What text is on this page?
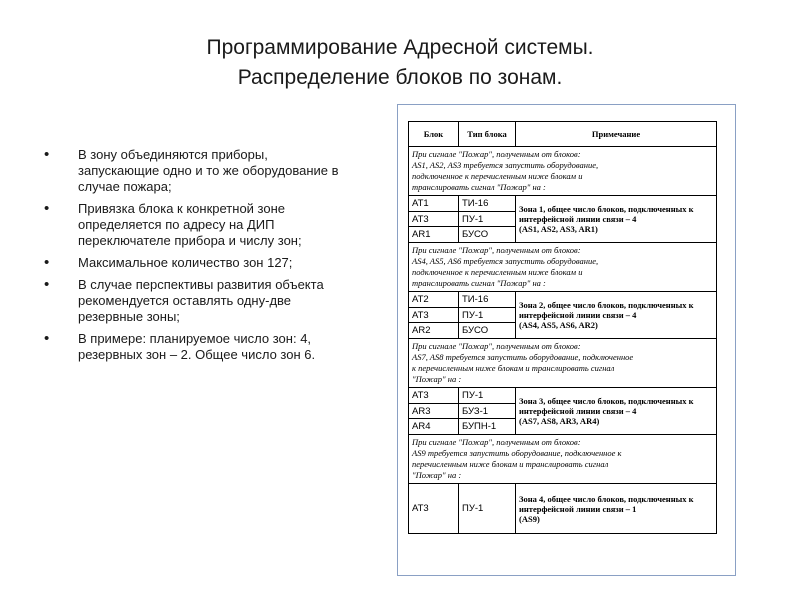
Программирование Адресной системы.
Распределение блоков по зонам.
• В зону объединяются приборы, запускающие одно и то же оборудование в случае пожара;
• Привязка блока к конкретной зоне определяется по адресу на ДИП переключателе прибора и числу зон;
• Максимальное количество зон 127;
• В случае перспективы развития объекта рекомендуется оставлять одну-две резервные зоны;
• В примере: планируемое число зон: 4, резервных зон – 2. Общее число зон 6.
Блок	Тип блока	Примечание

При сигнале "Пожар", полученным от блоков:
AS1, AS2, AS3 требуется запустить оборудование,
подключенное к перечисленным ниже блокам и
транслировать сигнал "Пожар" на :		

АТ1	ТИ-16	Зона 1, общее число блоков, подключенных к интерфейсной линии связи – 4
(AS1, AS2, AS3, AR1)

АТ3	ПУ-1	
AR1	БУСО	

При сигнале "Пожар", полученным от блоков:
AS4, AS5, AS6 требуется запустить оборудование,
подключенное к перечисленным ниже блокам и
транслировать сигнал "Пожар" на :		

АТ2	ТИ-16	Зона 2, общее число блоков, подключенных к интерфейсной линии связи – 4
(AS4, AS5, AS6, AR2)

АТ3	ПУ-1	
AR2	БУСО	

При сигнале "Пожар", полученным от блоков:
AS7, AS8 требуется запустить оборудование, подключенное
к перечисленным ниже блокам и транслировать сигнал
"Пожар" на :		

АТ3	ПУ-1	Зона 3, общее число блоков, подключенных к интерфейсной линии связи – 4
(AS7, AS8, AR3, AR4)

AR3	БУЗ-1	
AR4	БУПН-1	

При сигнале "Пожар", полученным от блоков:
AS9 требуется запустить оборудование, подключенное к
перечисленным ниже блокам и транслировать сигнал
"Пожар" на :		

АТ3	ПУ-1	Зона 4, общее число блоков, подключенных к интерфейсной линии связи – 1
(AS9)
